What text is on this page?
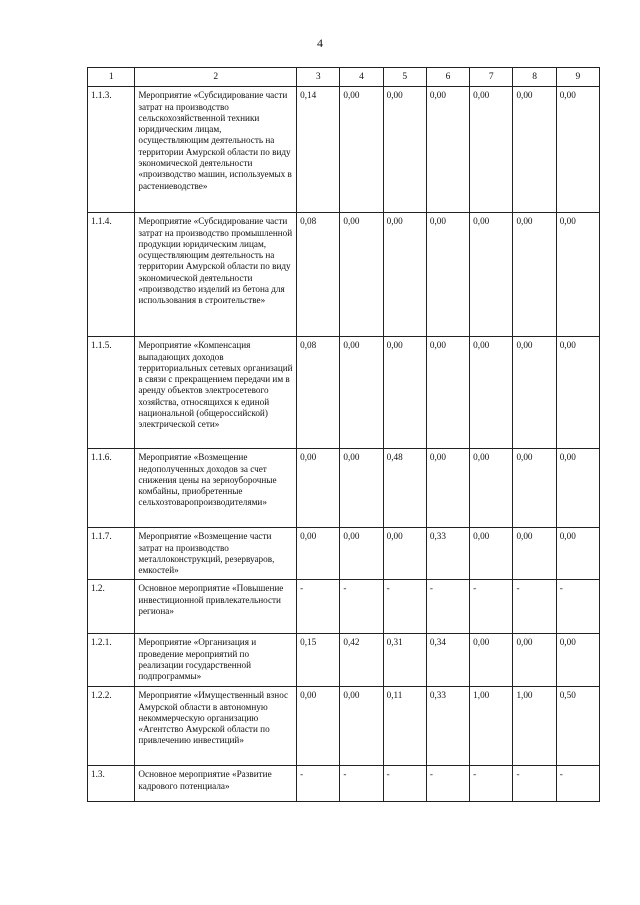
4
1	2	3	4	5	6	7	8	9
1.1.3.	Мероприятие «Субсидирование части затрат на производство сельскохозяйственной техники юридическим лицам, осуществляющим деятельность на территории Амурской области по виду экономической деятельности «производство машин, используемых в растениеводстве»	0,14	0,00	0,00	0,00	0,00	0,00	0,00
1.1.4.	Мероприятие «Субсидирование части затрат на производство промышленной продукции юридическим лицам, осуществляющим деятельность на территории Амурской области по виду экономической деятельности «производство изделий из бетона для использования в строительстве»	0,08	0,00	0,00	0,00	0,00	0,00	0,00
1.1.5.	Мероприятие «Компенсация выпадающих доходов территориальных сетевых организаций в связи с прекращением передачи им в аренду объектов электросетевого хозяйства, относящихся к единой национальной (общероссийской) электрической сети»	0,08	0,00	0,00	0,00	0,00	0,00	0,00
1.1.6.	Мероприятие «Возмещение недополученных доходов за счет снижения цены на зерноуборочные комбайны, приобретенные сельхозтоваропроизводителями»	0,00	0,00	0,48	0,00	0,00	0,00	0,00
1.1.7.	Мероприятие «Возмещение части затрат на производство металлоконструкций, резервуаров, емкостей»	0,00	0,00	0,00	0,33	0,00	0,00	0,00
1.2.	Основное мероприятие «Повышение инвестиционной привлекательности региона»	-	-	-	-	-	-	-
1.2.1.	Мероприятие «Организация и проведение мероприятий по реализации государственной подпрограммы»	0,15	0,42	0,31	0,34	0,00	0,00	0,00
1.2.2.	Мероприятие «Имущественный взнос Амурской области в автономную некоммерческую организацию «Агентство Амурской области по привлечению инвестиций»	0,00	0,00	0,11	0,33	1,00	1,00	0,50
1.3.	Основное мероприятие «Развитие кадрового потенциала»	-	-	-	-	-	-	-
